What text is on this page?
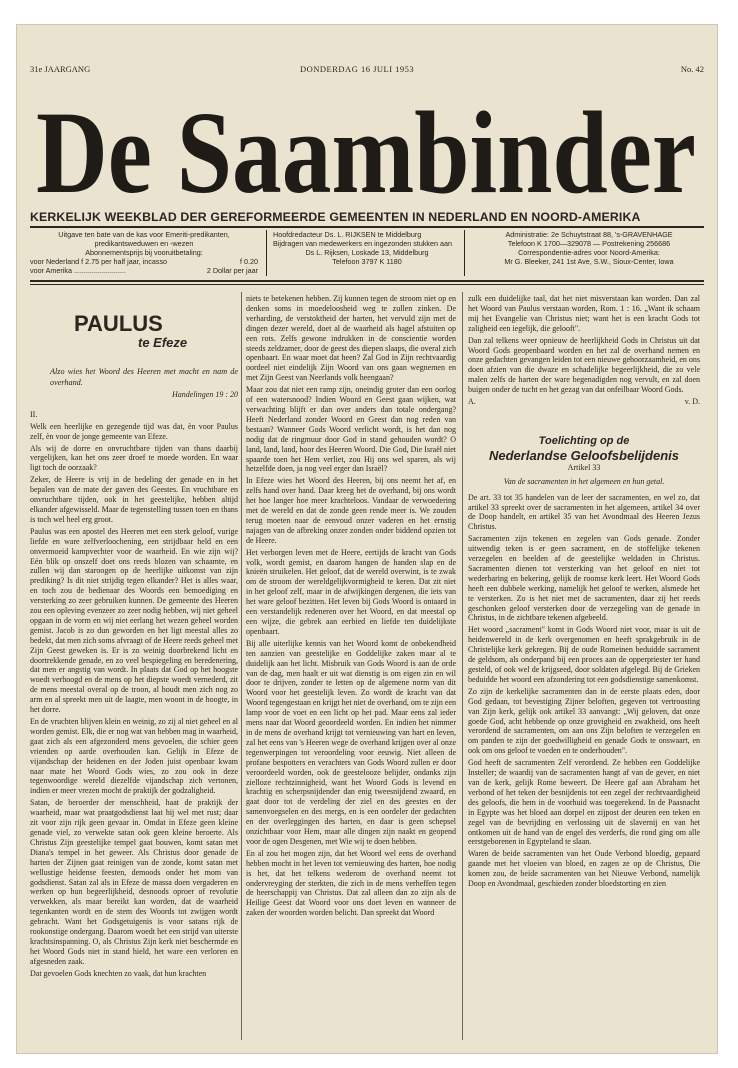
31e JAARGANG	DONDERDAG 16 JULI 1953	No. 42
De Saambinder
KERKELIJK WEEKBLAD DER GEREFORMEERDE GEMEENTEN IN NEDERLAND EN NOORD-AMERIKA
Uitgave ten bate van de kas voor Emeriti-predikanten,
predikantsweduwen en -wezen
Abonnementsprijs bij vooruitbetaling:
voor Nederland f 2.75 per half jaar, incasso	f 0.20
voor Amerika ..........................	2 Dollar per jaar
Hoofdredacteur Ds. L. RIJKSEN te Middelburg
Bijdragen van medewerkers en ingezonden stukken aan
Ds L. Rijksen, Loskade 13, Middelburg
Telefoon 3797 K 1180
Administratie: 2e Schuytstraat 88, 's-GRAVENHAGE
Telefoon K 1700—329078 — Postrekening 256686
Correspondentie-adres voor Noord-Amerika:
Mr G. Bleeker, 241 1st Ave, S.W., Sioux-Center, Iowa
PAULUS
te Efeze
Alzo wies het Woord des Heeren met macht en nam de overhand.
Handelingen 19 : 20
II.

Welk een heerlijke en gezegende tijd was dat, èn voor Paulus zelf, èn voor de jonge gemeente van Efeze.

Als wij de dorre en onvruchtbare tijden van thans daarbij vergelijken, kan het ons zeer droef te moede worden. En waar ligt toch de oorzaak?

Zeker, de Heere is vrij in de bedeling der genade en in het bepalen van de mate der gaven des Geestes. En vruchtbare en onvruchtbare tijden, ook in het geestelijke, hebben altijd elkander afgewisseld. Maar de tegenstelling tussen toen en thans is toch wel heel erg groot.

Paulus was een apostel des Heeren met een sterk geloof, vurige liefde en ware zelfverloochening, een strijdbaar held en een onvermoeid kampvechter voor de waarheid. En wie zijn wij? Eén blik op onszelf doet ons reeds blozen van schaamte, en zullen wij dan staroogen op de heerlijke uitkomst van zijn prediking? Is dit niet strijdig tegen elkander? Het is alles waar, en toch zou de bedienaar des Woords een bemoediging en versterking zo zeer gebruiken kunnen. De gemeente des Heeren zou een opleving evenzeer zo zeer nodig hebben, wij niet geheel opgaan in de vorm en wij niet eerlang het wezen geheel worden gemist. Jacob is zo dun geworden en het ligt meestal alles zo bedekt, dat men zich soms afvraagt of de Heere reeds geheel met Zijn Geest geweken is. Er is zo weinig doorbrekend licht en doortrekkende genade, en zo veel bespiegeling en beredenering, dat men er angstig van wordt. In plaats dat God op het hoogste woedt verhoogd en de mens op het diepste woedt vernederd, zit de mens meestal overal op de troon, al houdt men zich nog zo arm en al spreekt men uit de laagte, men woont in de hoogte, in het dorre.

En de vruchten blijven klein en weinig, zo zij al niet geheel en al worden gemist. Elk, die er nog wat van hebben mag in waarheid, gaat zich als een afgezonderd mens gevoelen, die schier geen vrienden op aarde overhouden kan. Gelijk in Efeze de vijandschap der heidenen en der Joden juist openbaar kwam naar mate het Woord Gods wies, zo zou ook in deze tegenwoordige wereld diezelfde vijandschap zich vertonen, indien er meer vrezen mocht de praktijk der godzaligheid.

Satan, de beroerder der menschheid, haat de praktijk der waarheid, maar wat praatgodsdienst laat hij wel met rust; daar zit voor zijn rijk geen gevaar in. Omdat in Efeze geen kleine genade viel, zo verwekte satan ook geen kleine beroerte. Als Christus Zijn geestelijke tempel gaat bouwen, komt satan met Diana's tempel in het geweer. Als Christus door genade de harten der Zijnen gaat reinigen van de zonde, komt satan met wellustige heidense feesten, demoods onder het mom van godsdienst. Satan zal als in Efeze de massa doen vergaderen en werken op hun begeerlijkheid, desnoods oproer of revolutie verwekken, als maar bereikt kan worden, dat de waarheid tegenkanten wordt en de stem des Woords tot zwijgen wordt gebracht. Want het Godsgetuigenis is voor satans rijk de rookonstige ondergang. Daarom woedt het een strijd van uiterste krachtsinspanning. O, als Christus Zijn kerk niet beschermde en het Woord Gods niet in stand hield, het ware een verloren en afgesneden zaak.

Dat gevoelen Gods knechten zo vaak, dat hun krachten

niets te betekenen hebben. Zij kunnen tegen de stroom niet op en denken soms in moedeloosheid weg te zullen zinken. De verharding, de verstoktheid der harten, het vervuld zijn met de dingen dezer wereld, doet al de waarheid als hagel afstuiten op een rots. Zelfs gewone indrukken in de conscientie worden steeds zeldzamer, door de geest des diepen slaaps, die overal zich openbaart. En waar moet dat heen? Zal God in Zijn rechtvaardig oordeel niet eindelijk Zijn Woord van ons gaan wegnemen en met Zijn Geest van Neerlands volk heengaan?

Maar zou dat niet een ramp zijn, oneindig groter dan een oorlog of een watersnood? Indien Woord en Geest gaan wijken, wat verwachting blijft er dan over anders dan totale ondergang? Heeft Nederland zonder Woord en Geest dan nog reden van bestaan? Wanneer Gods Woord verlicht wordt, is het dan nog nodig dat de ringmuur door God in stand gehouden wordt? O land, land, land, hoor des Heeren Woord. Die God, Die Israël niet spaarde toen het Hem verliet, zou Hij ons wel sparen, als wij hetzelfde doen, ja nog veel erger dan Israël?

In Efeze wies het Woord des Heeren, bij ons neemt het af, en zelfs hand over hand. Daar kreeg het de overhand, bij ons wordt het hoe langer hoe meer krachteloos. Vandaar de verwoedering met de wereld en dat de zonde geen rende meer is. We zouden terug moeten naar de eenvoud onzer vaderen en het ernstig najagen van de afbreking onzer zonden onder biddend opzien tot de Heere.

Het verborgen leven met de Heere, eertijds de kracht van Gods volk, wordt gemist, en daarom hangen de handen slap en de knieën struikelen. Het geloof, dat de wereld overwint, is te zwak om de stroom der wereldgelijkvormigheid te keren. Dat zit niet in het geloof zelf, maar in de afwijkingen dergenen, die iets van het ware geloof bezitten. Het leven bij Gods Woord is ontaard in een verstandelijk redeneren over het Woord, en dat meestal op een wijze, die gebrek aan eerbied en liefde ten duidelijkste openbaart.

Bij alle uiterlijke kennis van het Woord komt de onbekendheid ten aanzien van geestelijke en Goddelijke zaken maar al te duidelijk aan het licht. Misbruik van Gods Woord is aan de orde van de dag, men haalt er uit wat dienstig is om eigen zin en wil door te drijven, zonder te letten op de algemene norm van dit Woord voor het geestelijk leven. Zo wordt de kracht van dat Woord tegengestaan en krijgt het niet de overhand, om te zijn een lamp voor de voet en een licht op het pad. Maar eens zal ieder mens naar dat Woord geoordeeld worden. En indien het nimmer in de mens de overhand krijgt tot vernieuwing van hart en leven, zal het eens van 's Heeren wege de overhand krijgen over al onze tegenwerpingen tot veroordeling voor eeuwig. Niet alleen de profane bespotters en verachters van Gods Woord zullen er door veroordeeld worden, ook de geestelooze belijder, ondanks zijn zielloze rechtzinnigheid, want het Woord Gods is levend en krachtig en scherpsnijdender dan enig tweesnijdend zwaard, en gaat door tot de verdeling der ziel en des geestes en der samenvoegselen en des mergs, en is een oordeler der gedachten en der overleggingen des harten, en daar is geen schepsel onzichtbaar voor Hem, maar alle dingen zijn naakt en geopend voor de ogen Desgenen, met Wie wij te doen hebben.

En al zou het mogen zijn, dat het Woord wel eens de overhand hebben mocht in het leven tot vernieuwing des harten, hoe nodig is het, dat het telkens wederom de overhand neemt tot ondervreyging der sterkten, die zich in de mens verheffen tegen de heerschappij van Christus. Dat zal alleen dan zo zijn als de Heilige Geest dat Woord voor ons doet leven en wanneer de zaken der woorden worden belicht. Dan spreekt dat Woord

zulk een duidelijke taal, dat het niet misverstaan kan worden. Dan zal het Woord van Paulus verstaan worden, Rom. 1 : 16. „Want ik schaam mij het Evangelie van Christus niet; want het is een kracht Gods tot zaligheid een iegelijk, die gelooft".

Dan zal telkens weer opnieuw de heerlijkheid Gods in Christus uit dat Woord Gods geopenbaard worden en het zal de overhand nemen en onze gedachten gevangen leiden tot een nieuwe gehoorzaamheid, en ons doen afzien van die dwaze en schadelijke begeerlijkheid, die zo vele malen zelfs de harten der ware begenadigden nog vervult, en zal doen buigen onder de tucht en het gezag van dat onfeilbaar Woord Gods.

A.	v. D.
Toelichting op de
Nederlandse Geloofsbelijdenis
Artikel 33
Van de sacramenten in het algemeen en hun getal.

De art. 33 tot 35 handelen van de leer der sacramenten, en wel zo, dat artikel 33 spreekt over de sacramenten in het algemeen, artikel 34 over de Doop handelt, en artikel 35 van het Avondmaal des Heeren Jezus Christus.

Sacramenten zijn tekenen en zegelen van Gods genade. Zonder uitwendig teken is er geen sacrament, en de stoffelijke tekenen verzegelen en beelden af de geestelijke weldaden in Christus. Sacramenten dienen tot versterking van het geloof en niet tot wederbaring en bekering, gelijk de roomse kerk leert. Het Woord Gods heeft een dubbele werking, namelijk het geloof te werken, alsmede het te versterken. Zo is het niet met de sacramenten, daar zij het reeds geschonken geloof versterken door de verzegeling van de genade in Christus, in de zichtbare tekenen afgebeeld.

Het woord „sacrament" komt in Gods Woord niet voor, maar is uit de heidenwereld in de kerk overgenomen en heeft sprakgebruik in de Christelijke kerk gekregen. Bij de oude Romeinen beduidde sacrament de geldsom, als onderpand bij een proces aan de opperpriester ter hand gesteld, of ook wel de krijgseed, door soldaten afgelegd. Bij de Grieken beduidde het woord een afzondering tot een godsdienstige samenkomst.

Zo zijn de kerkelijke sacramenten dan in de eerste plaats eden, door God gedaan, tot bevestiging Zijner beloften, gegeven tot vertroosting van Zijn kerk, gelijk ook artikel 33 aanvangt: „Wij geloven, dat onze goede God, acht hebbende op onze grovigheid en zwakheid, ons heeft verordend de sacramenten, om aan ons Zijn beloften te verzegelen en om panden te zijn der goedwilligheid en genade Gods te onswaart, en ook om ons geloof te voeden en te onderhouden".

God heeft de sacramenten Zelf verordend. Ze hebben een Goddelijke Insteller; de waardij van de sacramenten hangt af van de gever, en niet van de kerk, gelijk Rome beweert. De Heere gaf aan Abraham het verbond of het teken der besnijdenis tot een zegel der rechtvaardigheid des geloofs, die hem in de voorhuid was toegerekend. In de Paasnacht in Egypte was het bloed aan dorpel en zijpost der deuren een teken en zegel van de bevrijding en verlossing uit de slavernij en van het ontkomen uit de hand van de engel des verderfs, die rond ging om alle eerstgeborenen in Egypteland te slaan.

Waren de beide sacramenten van het Oude Verbond bloedig, gepaard gaande met het vloeien van bloed, en zagen ze op de Christus, Die komen zou, de beide sacramenten van het Nieuwe Verbond, namelijk Doop en Avondmaal, geschieden zonder bloedstorting en zien
